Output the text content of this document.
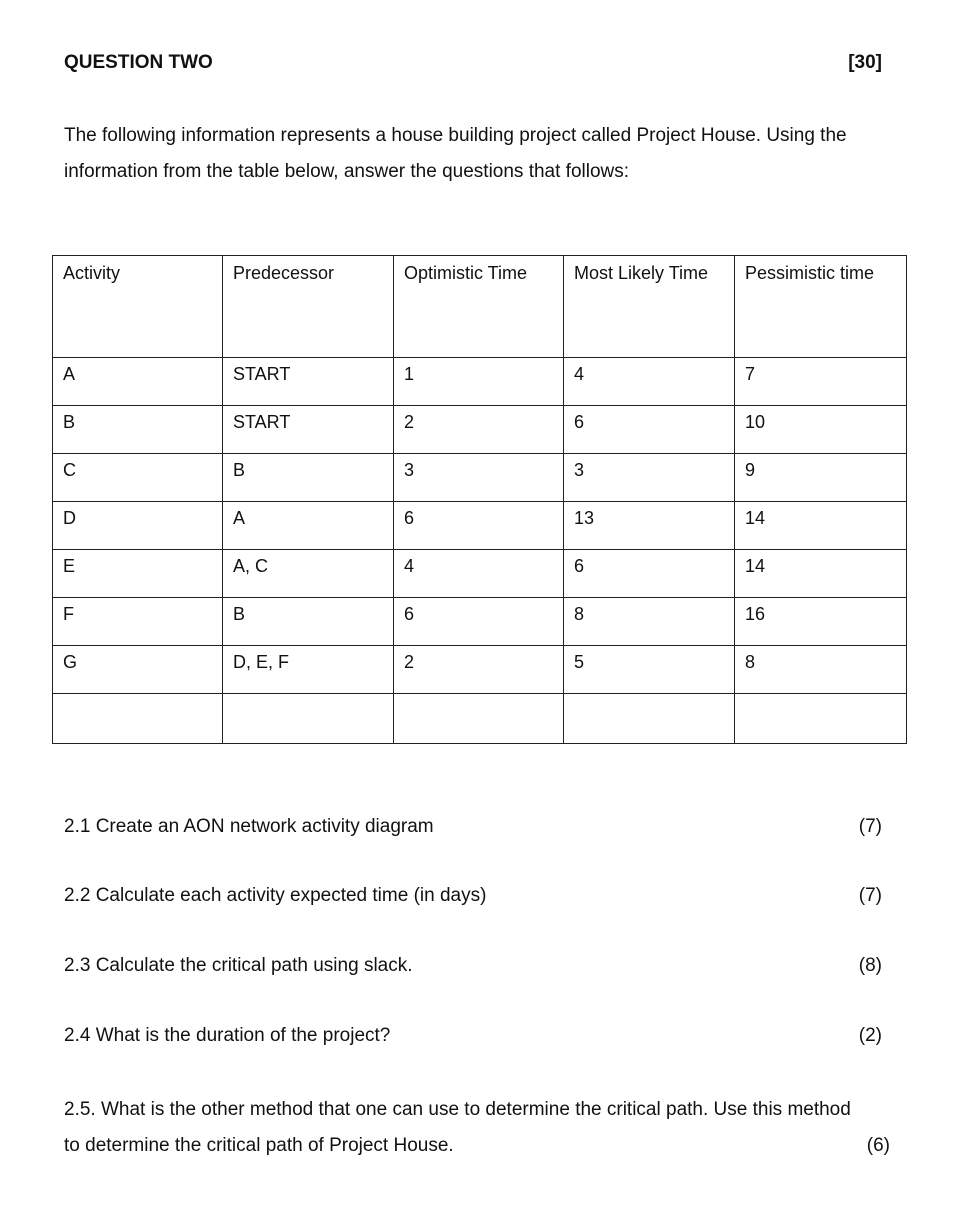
QUESTION TWO	[30]
The following information represents a house building project called Project House. Using the information from the table below, answer the questions that follows:
Activity	Predecessor	Optimistic Time	Most Likely Time	Pessimistic time
A	START	1	4	7
B	START	2	6	10
C	B	3	3	9
D	A	6	13	14
E	A, C	4	6	14
F	B	6	8	16
G	D, E, F	2	5	8

2.1 Create an AON network activity diagram	(7)
2.2 Calculate each activity expected time (in days)	(7)
2.3 Calculate the critical path using slack.	(8)
2.4 What is the duration of the project?	(2)
(6)
2.5. What is the other method that one can use to determine the critical path. Use this method to determine the critical path of Project House.
